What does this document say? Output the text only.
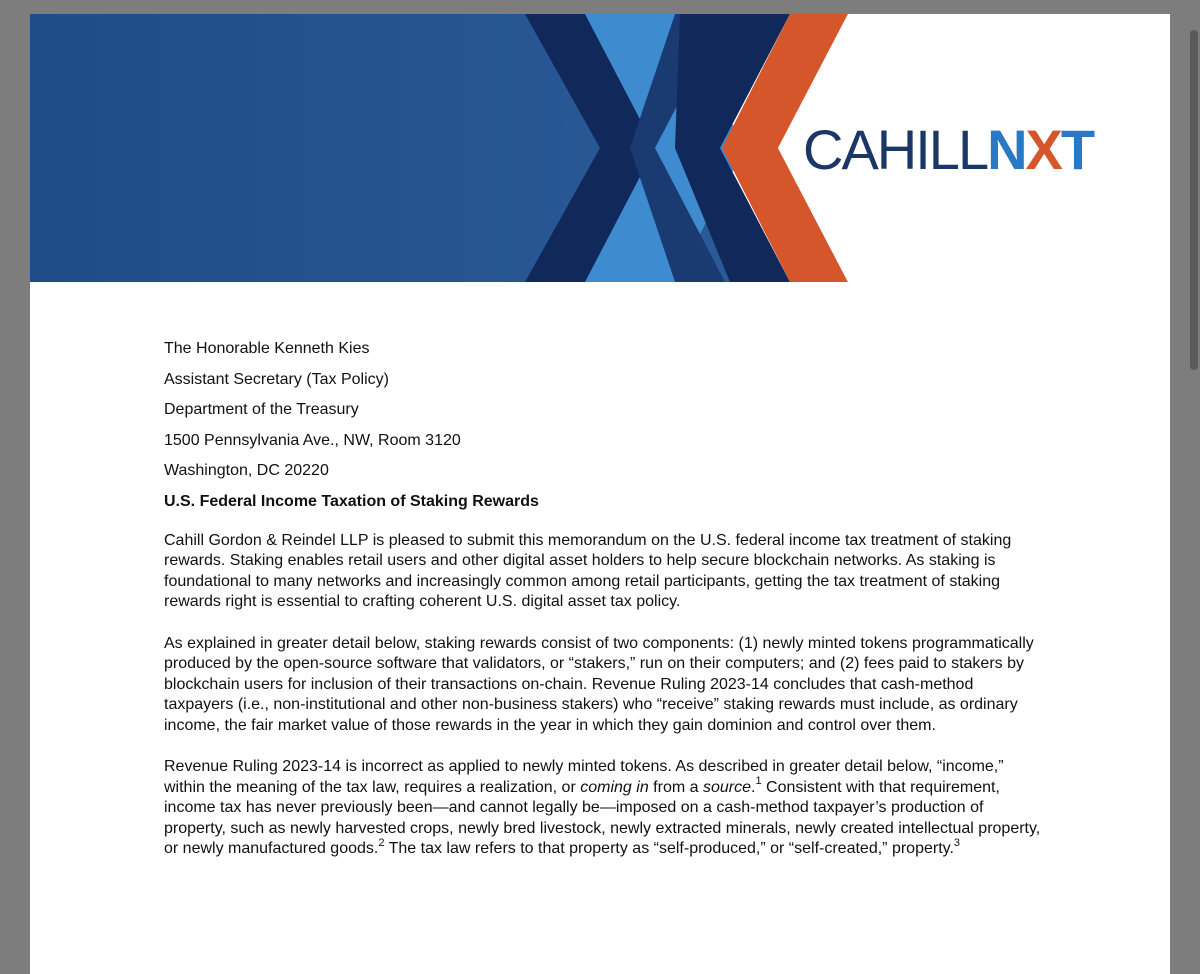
CAHILLNXT

The Honorable Kenneth Kies

Assistant Secretary (Tax Policy)

Department of the Treasury

1500 Pennsylvania Ave., NW, Room 3120

Washington, DC 20220

U.S. Federal Income Taxation of Staking Rewards

Cahill Gordon & Reindel LLP is pleased to submit this memorandum on the U.S. federal income tax treatment of staking rewards. Staking enables retail users and other digital asset holders to help secure blockchain networks. As staking is foundational to many networks and increasingly common among retail participants, getting the tax treatment of staking rewards right is essential to crafting coherent U.S. digital asset tax policy.

As explained in greater detail below, staking rewards consist of two components: (1) newly minted tokens programmatically produced by the open-source software that validators, or “stakers,” run on their computers; and (2) fees paid to stakers by blockchain users for inclusion of their transactions on-chain. Revenue Ruling 2023-14 concludes that cash-method taxpayers (i.e., non-institutional and other non-business stakers) who “receive” staking rewards must include, as ordinary income, the fair market value of those rewards in the year in which they gain dominion and control over them.

Revenue Ruling 2023-14 is incorrect as applied to newly minted tokens. As described in greater detail below, “income,” within the meaning of the tax law, requires a realization, or coming in from a source.$^1$ Consistent with that requirement, income tax has never previously been—and cannot legally be—imposed on a cash-method taxpayer’s production of property, such as newly harvested crops, newly bred livestock, newly extracted minerals, newly created intellectual property, or newly manufactured goods.$^2$ The tax law refers to that property as “self-produced,” or “self-created,” property.$^3$
